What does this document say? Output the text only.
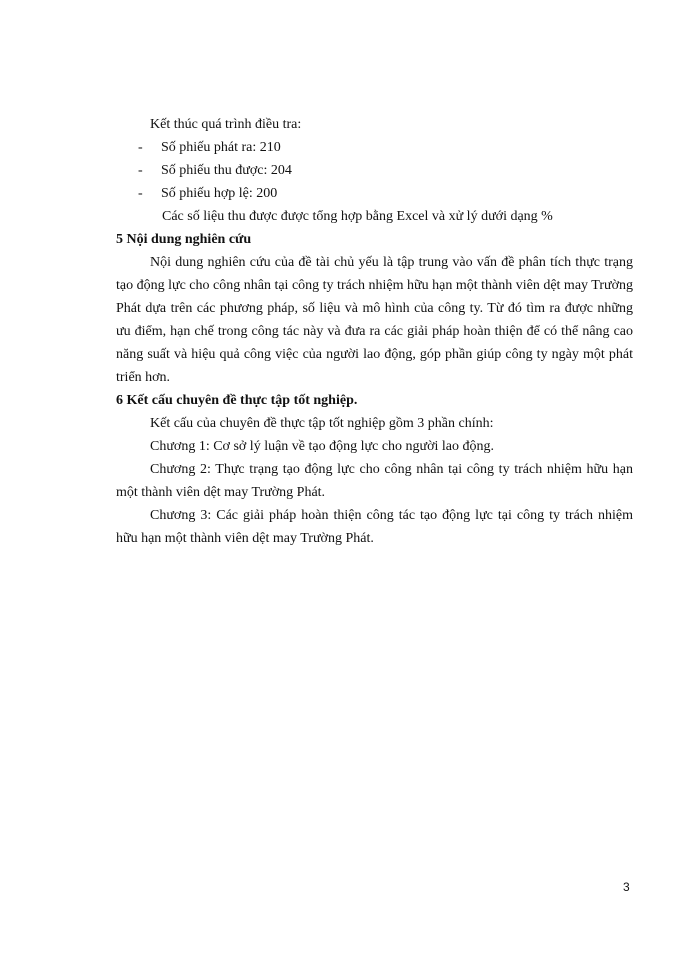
Kết thúc quá trình điều tra:

- Số phiếu phát ra: 210

- Số phiếu thu được: 204

- Số phiếu hợp lệ: 200

Các số liệu thu được được tổng hợp bằng Excel và xử lý dưới dạng %

5 Nội dung nghiên cứu

Nội dung nghiên cứu của đề tài chủ yếu là tập trung vào vấn đề phân tích thực trạng tạo động lực cho công nhân tại công ty trách nhiệm hữu hạn một thành viên dệt may Trường Phát dựa trên các phương pháp, số liệu và mô hình của công ty. Từ đó tìm ra được những ưu điểm, hạn chế trong công tác này và đưa ra các giải pháp hoàn thiện để có thể nâng cao năng suất và hiệu quả công việc của người lao động, góp phần giúp công ty ngày một phát triển hơn.

6 Kết cấu chuyên đề thực tập tốt nghiệp.

Kết cấu của chuyên đề thực tập tốt nghiệp gồm 3 phần chính:

Chương 1: Cơ sở lý luận về tạo động lực cho người lao động.

Chương 2: Thực trạng tạo động lực cho công nhân tại công ty trách nhiệm hữu hạn một thành viên dệt may Trường Phát.

Chương 3: Các giải pháp hoàn thiện công tác tạo động lực tại công ty trách nhiệm hữu hạn một thành viên dệt may Trường Phát.

3
